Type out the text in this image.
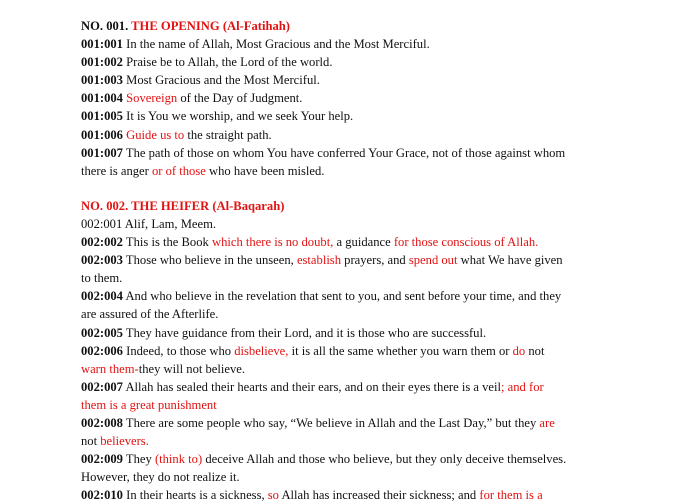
NO. 001. THE OPENING (Al-Fatihah)
001:001 In the name of Allah, Most Gracious and the Most Merciful.
001:002 Praise be to Allah, the Lord of the world.
001:003 Most Gracious and the Most Merciful.
001:004 Sovereign of the Day of Judgment.
001:005 It is You we worship, and we seek Your help.
001:006 Guide us to the straight path.
001:007 The path of those on whom You have conferred Your Grace, not of those against whom
there is anger or of those who have been misled.
NO. 002. THE HEIFER (Al-Baqarah)
002:001 Alif, Lam, Meem.
002:002 This is the Book which there is no doubt, a guidance for those conscious of Allah.
002:003 Those who believe in the unseen, establish prayers, and spend out what We have given
to them.
002:004 And who believe in the revelation that sent to you, and sent before your time, and they
are assured of the Afterlife.
002:005 They have guidance from their Lord, and it is those who are successful.
002:006 Indeed, to those who disbelieve, it is all the same whether you warn them or do not
warn them-they will not believe.
002:007 Allah has sealed their hearts and their ears, and on their eyes there is a veil; and for
them is a great punishment
002:008 There are some people who say, “We believe in Allah and the Last Day,” but they are
not believers.
002:009 They (think to) deceive Allah and those who believe, but they only deceive themselves.
However, they do not realize it.
002:010 In their hearts is a sickness, so Allah has increased their sickness; and for them is a
